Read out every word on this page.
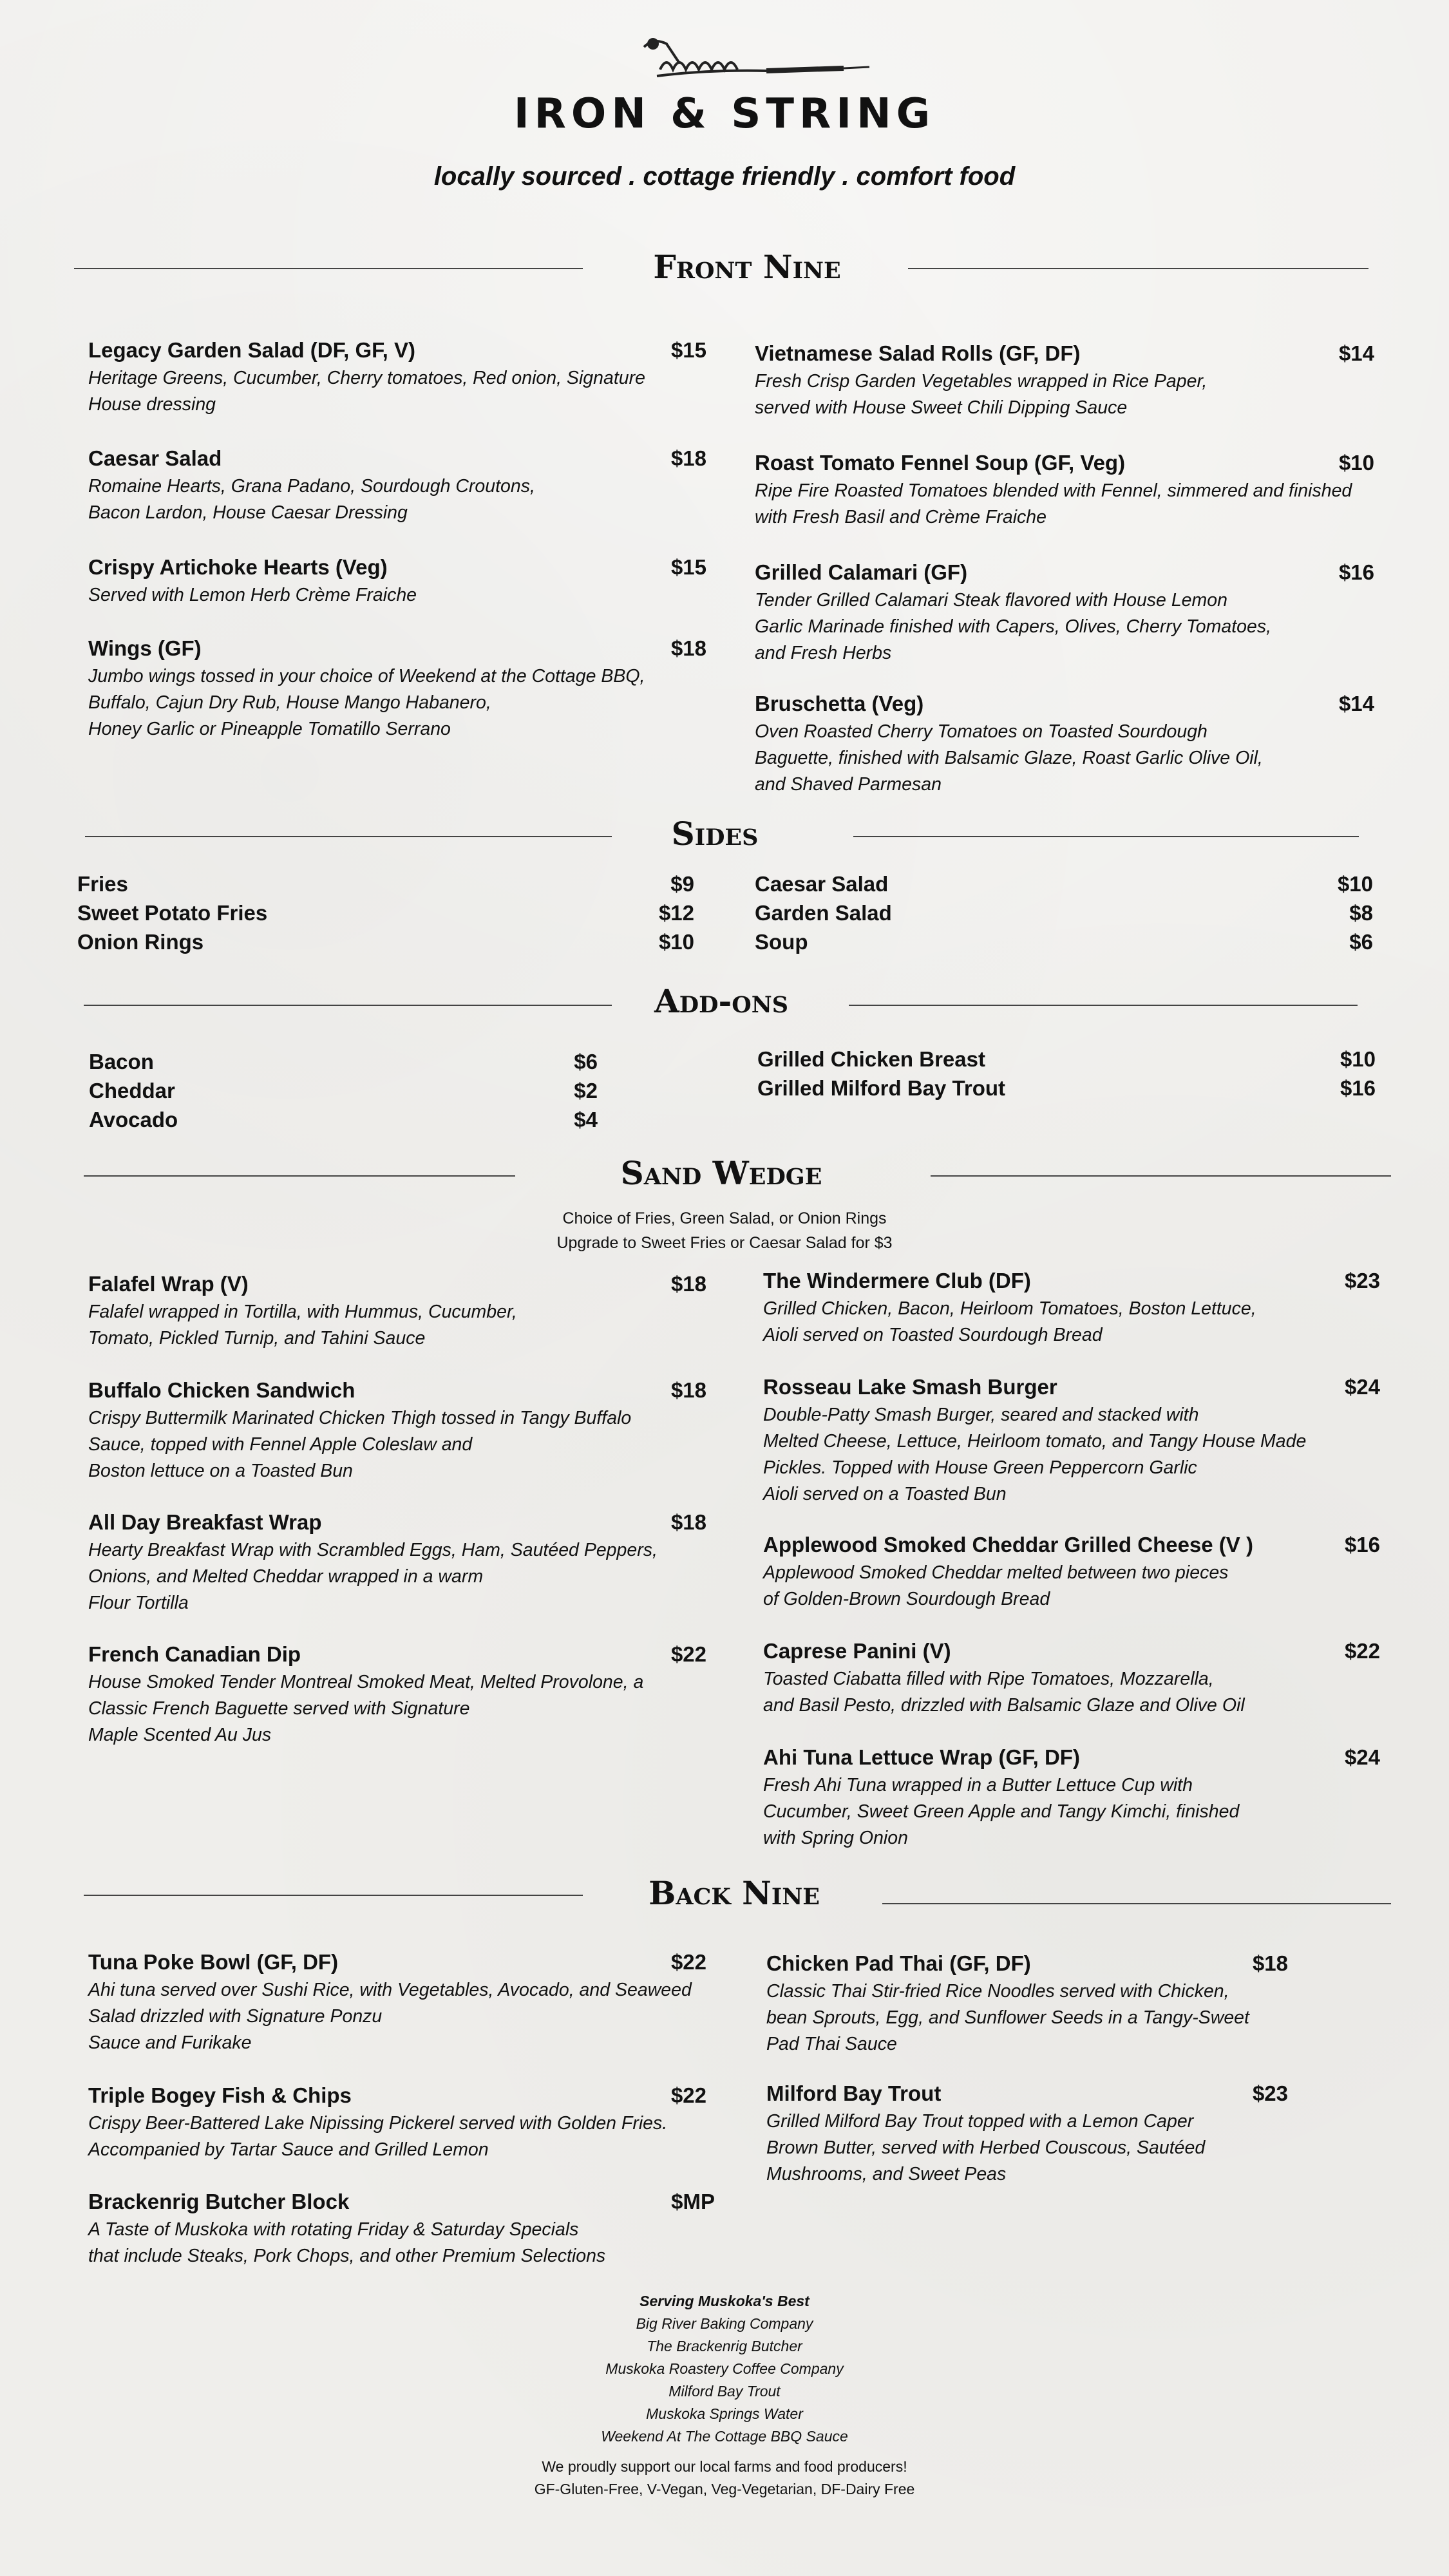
IRON & STRING
locally sourced . cottage friendly . comfort food
Front Nine
Legacy Garden Salad (DF, GF, V)	$15
Heritage Greens, Cucumber, Cherry tomatoes, Red onion, Signature
House dressing
Caesar Salad	$18
Romaine Hearts, Grana Padano, Sourdough Croutons,
Bacon Lardon, House Caesar Dressing
Crispy Artichoke Hearts (Veg)	$15
Served with Lemon Herb Crème Fraiche
Wings (GF)	$18
Jumbo wings tossed in your choice of Weekend at the Cottage BBQ,
Buffalo, Cajun Dry Rub, House Mango Habanero,
Honey Garlic or Pineapple Tomatillo Serrano
Vietnamese Salad Rolls (GF, DF)	$14
Fresh Crisp Garden Vegetables wrapped in Rice Paper,
served with House Sweet Chili Dipping Sauce
Roast Tomato Fennel Soup (GF, Veg)	$10
Ripe Fire Roasted Tomatoes blended with Fennel, simmered and finished
with Fresh Basil and Crème Fraiche
Grilled Calamari (GF)	$16
Tender Grilled Calamari Steak flavored with House Lemon
Garlic Marinade finished with Capers, Olives, Cherry Tomatoes,
and Fresh Herbs
Bruschetta (Veg)	$14
Oven Roasted Cherry Tomatoes on Toasted Sourdough
Baguette, finished with Balsamic Glaze, Roast Garlic Olive Oil,
and Shaved Parmesan
Sides
Fries	$9
Sweet Potato Fries	$12
Onion Rings	$10
Caesar Salad	$10
Garden Salad	$8
Soup	$6
Add-ons
Bacon	$6
Cheddar	$2
Avocado	$4
Grilled Chicken Breast	$10
Grilled Milford Bay Trout	$16
Sand Wedge
Choice of Fries, Green Salad, or Onion Rings
Upgrade to Sweet Fries or Caesar Salad for $3
Falafel Wrap (V)	$18
Falafel wrapped in Tortilla, with Hummus, Cucumber,
Tomato, Pickled Turnip, and Tahini Sauce
Buffalo Chicken Sandwich	$18
Crispy Buttermilk Marinated Chicken Thigh tossed in Tangy Buffalo
Sauce, topped with Fennel Apple Coleslaw and
Boston lettuce on a Toasted Bun
All Day Breakfast Wrap	$18
Hearty Breakfast Wrap with Scrambled Eggs, Ham, Sautéed Peppers,
Onions, and Melted Cheddar wrapped in a warm
Flour Tortilla
French Canadian Dip	$22
House Smoked Tender Montreal Smoked Meat, Melted Provolone, a
Classic French Baguette served with Signature
Maple Scented Au Jus
The Windermere Club (DF)	$23
Grilled Chicken, Bacon, Heirloom Tomatoes, Boston Lettuce,
Aioli served on Toasted Sourdough Bread
Rosseau Lake Smash Burger	$24
Double-Patty Smash Burger, seared and stacked with
Melted Cheese, Lettuce, Heirloom tomato, and Tangy House Made
Pickles. Topped with House Green Peppercorn Garlic
Aioli served on a Toasted Bun
Applewood Smoked Cheddar Grilled Cheese (V )	$16
Applewood Smoked Cheddar melted between two pieces
of Golden-Brown Sourdough Bread
Caprese Panini (V)	$22
Toasted Ciabatta filled with Ripe Tomatoes, Mozzarella,
and Basil Pesto, drizzled with Balsamic Glaze and Olive Oil
Ahi Tuna Lettuce Wrap (GF, DF)	$24
Fresh Ahi Tuna wrapped in a Butter Lettuce Cup with
Cucumber, Sweet Green Apple and Tangy Kimchi, finished
with Spring Onion
Back Nine
Tuna Poke Bowl (GF, DF)	$22
Ahi tuna served over Sushi Rice, with Vegetables, Avocado, and Seaweed
Salad drizzled with Signature Ponzu
Sauce and Furikake
Triple Bogey Fish & Chips	$22
Crispy Beer-Battered Lake Nipissing Pickerel served with Golden Fries.
Accompanied by Tartar Sauce and Grilled Lemon
Brackenrig Butcher Block	$MP
A Taste of Muskoka with rotating Friday & Saturday Specials
that include Steaks, Pork Chops, and other Premium Selections
Chicken Pad Thai (GF, DF)	$18
Classic Thai Stir-fried Rice Noodles served with Chicken,
bean Sprouts, Egg, and Sunflower Seeds in a Tangy-Sweet
Pad Thai Sauce
Milford Bay Trout	$23
Grilled Milford Bay Trout topped with a Lemon Caper
Brown Butter, served with Herbed Couscous, Sautéed
Mushrooms, and Sweet Peas
Serving Muskoka's Best
Big River Baking Company
The Brackenrig Butcher
Muskoka Roastery Coffee Company
Milford Bay Trout
Muskoka Springs Water
Weekend At The Cottage BBQ Sauce
We proudly support our local farms and food producers!
GF-Gluten-Free, V-Vegan, Veg-Vegetarian, DF-Dairy Free
